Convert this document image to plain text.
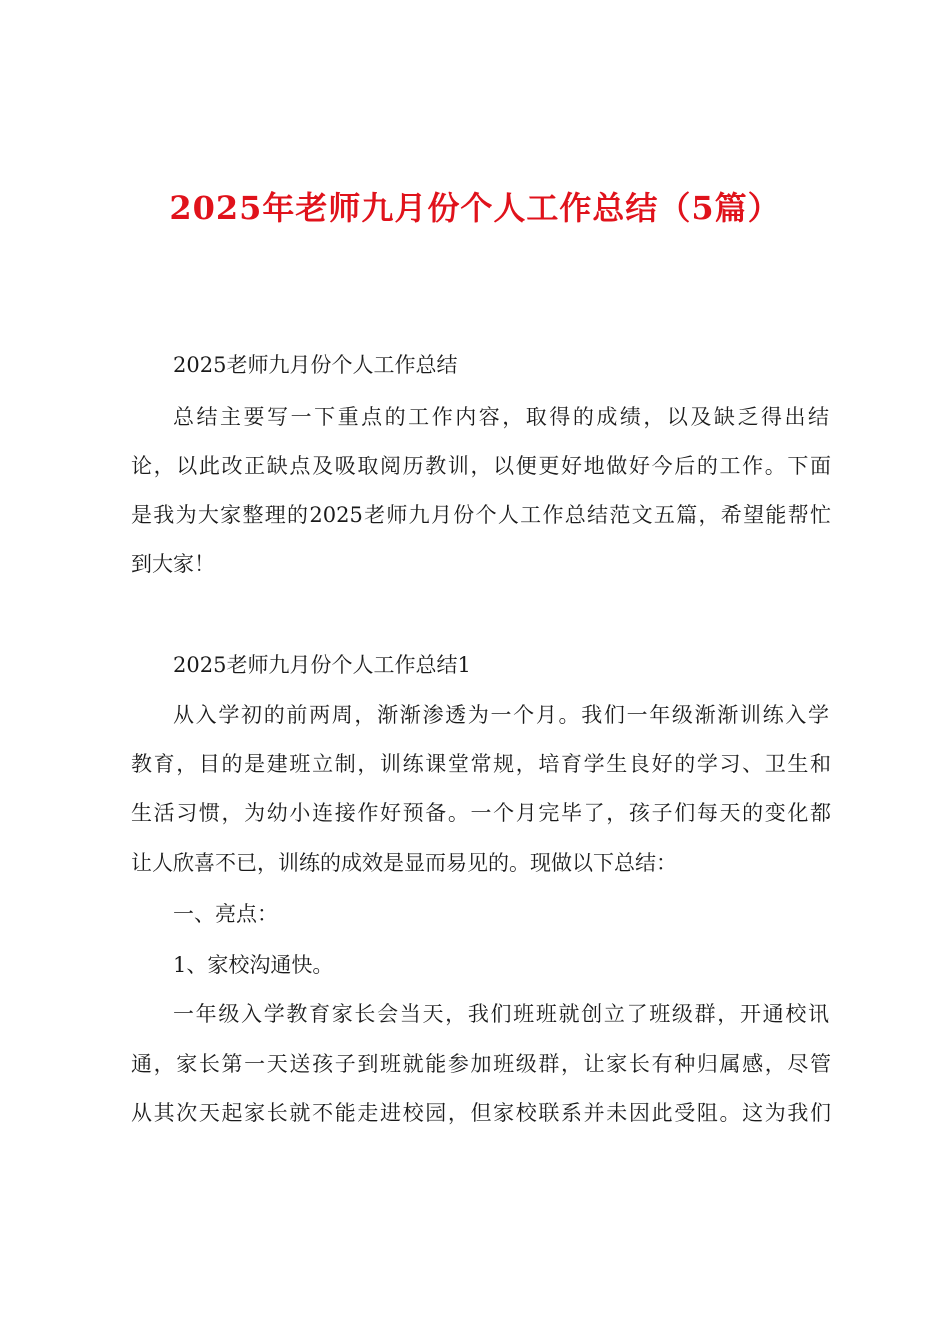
2025年老师九月份个人工作总结（5篇）
2025老师九月份个人工作总结
总结主要写一下重点的工作内容，取得的成绩，以及缺乏得出结
论，以此改正缺点及吸取阅历教训，以便更好地做好今后的工作。下面
是我为大家整理的2025老师九月份个人工作总结范文五篇，希望能帮忙
到大家！
2025老师九月份个人工作总结1
从入学初的前两周，渐渐渗透为一个月。我们一年级渐渐训练入学
教育，目的是建班立制，训练课堂常规，培育学生良好的学习、卫生和
生活习惯，为幼小连接作好预备。一个月完毕了，孩子们每天的变化都
让人欣喜不已，训练的成效是显而易见的。现做以下总结：
一、亮点：
1、家校沟通快。
一年级入学教育家长会当天，我们班班就创立了班级群，开通校讯
通，家长第一天送孩子到班就能参加班级群，让家长有种归属感，尽管
从其次天起家长就不能走进校园，但家校联系并未因此受阻。这为我们
